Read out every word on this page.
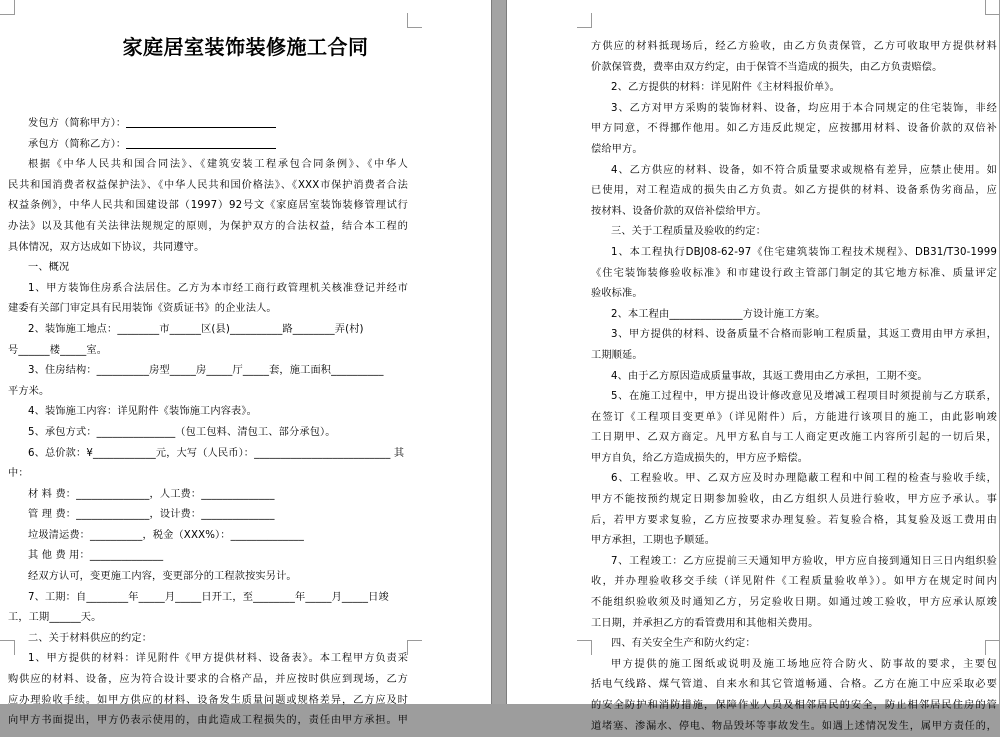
家庭居室装饰装修施工合同
发包方（简称甲方）：
承包方（简称乙方）：
根据《中华人民共和国合同法》、《建筑安装工程承包合同条例》、《中华人
民共和国消费者权益保护法》、《中华人民共和国价格法》、《XXX市保护消费者合法
权益条例》，中华人民共和国建设部（1997）92号文《家庭居室装饰装修管理试行
办法》以及其他有关法律法规规定的原则，为保护双方的合法权益，结合本工程的
具体情况，双方达成如下协议，共同遵守。
一、概况
1、甲方装饰住房系合法居住。乙方为本市经工商行政管理机关核准登记并经市
建委有关部门审定具有民用装饰《资质证书》的企业法人。
2、装饰施工地点：________市______区(县)__________路________弄(村)
号______楼_____室。
3、住房结构：__________房型_____房_____厅_____套，施工面积__________
平方米。
4、装饰施工内容：详见附件《装饰施工内容表》。
5、承包方式：_______________（包工包料、清包工、部分承包）。
6、总价款：¥____________元，大写（人民币）：__________________________ 其
中：
材 料 费：______________，人工费：______________
管 理 费：______________，设计费：______________
垃圾清运费：__________，税金（XXX%）：______________
其 他 费 用：______________
经双方认可，变更施工内容，变更部分的工程款按实另计。
7、工期：自________年_____月_____日开工，至________年_____月_____日竣
工，工期______天。
二、关于材料供应的约定：
1、甲方提供的材料：详见附件《甲方提供材料、设备表》。本工程甲方负责采
购供应的材料、设备，应为符合设计要求的合格产品，并应按时供应到现场，乙方
应办理验收手续。如甲方供应的材料、设备发生质量问题或规格差异，乙方应及时
向甲方书面提出，甲方仍表示使用的，由此造成工程损失的，责任由甲方承担。甲
方供应的材料抵现场后，经乙方验收，由乙方负责保管，乙方可收取甲方提供材料
价款保管费，费率由双方约定，由于保管不当造成的损失，由乙方负责赔偿。
2、乙方提供的材料：详见附件《主材料报价单》。
3、乙方对甲方采购的装饰材料、设备，均应用于本合同规定的住宅装饰，非经
甲方同意，不得挪作他用。如乙方违反此规定，应按挪用材料、设备价款的双倍补
偿给甲方。
4、乙方供应的材料、设备，如不符合质量要求或规格有差异，应禁止使用。如
已使用，对工程造成的损失由乙方负责。如乙方提供的材料、设备系伪劣商品，应
按材料、设备价款的双倍补偿给甲方。
三、关于工程质量及验收的约定：
1、本工程执行DBJ08-62-97《住宅建筑装饰工程技术规程》、DB31/T30-1999
《住宅装饰装修验收标准》和市建设行政主管部门制定的其它地方标准、质量评定
验收标准。
2、本工程由______________方设计施工方案。
3、甲方提供的材料、设备质量不合格而影响工程质量，其返工费用由甲方承担，
工期顺延。
4、由于乙方原因造成质量事故，其返工费用由乙方承担，工期不变。
5、在施工过程中，甲方提出设计修改意见及增减工程项目时须提前与乙方联系，
在签订《工程项目变更单》（详见附件）后，方能进行该项目的施工，由此影响竣
工日期甲、乙双方商定。凡甲方私自与工人商定更改施工内容所引起的一切后果，
甲方自负，给乙方造成损失的，甲方应予赔偿。
6、工程验收。甲、乙双方应及时办理隐蔽工程和中间工程的检查与验收手续，
甲方不能按预约规定日期参加验收，由乙方组织人员进行验收，甲方应予承认。事
后，若甲方要求复验，乙方应按要求办理复验。若复验合格，其复验及返工费用由
甲方承担，工期也予顺延。
7、工程竣工：乙方应提前三天通知甲方验收，甲方应自接到通知日三日内组织验
收，并办理验收移交手续（详见附件《工程质量验收单》）。如甲方在规定时间内
不能组织验收须及时通知乙方，另定验收日期。如通过竣工验收，甲方应承认原竣
工日期，并承担乙方的看管费用和其他相关费用。
四、有关安全生产和防火约定：
甲方提供的施工图纸或说明及施工场地应符合防火、防事故的要求，主要包
括电气线路、煤气管道、自来水和其它管道畅通、合格。乙方在施工中应采取必要
的安全防护和消防措施，保障作业人员及相邻居民的安全，防止相邻居民住房的管
道堵塞、渗漏水、停电、物品毁坏等事故发生。如遇上述情况发生，属甲方责任的，
